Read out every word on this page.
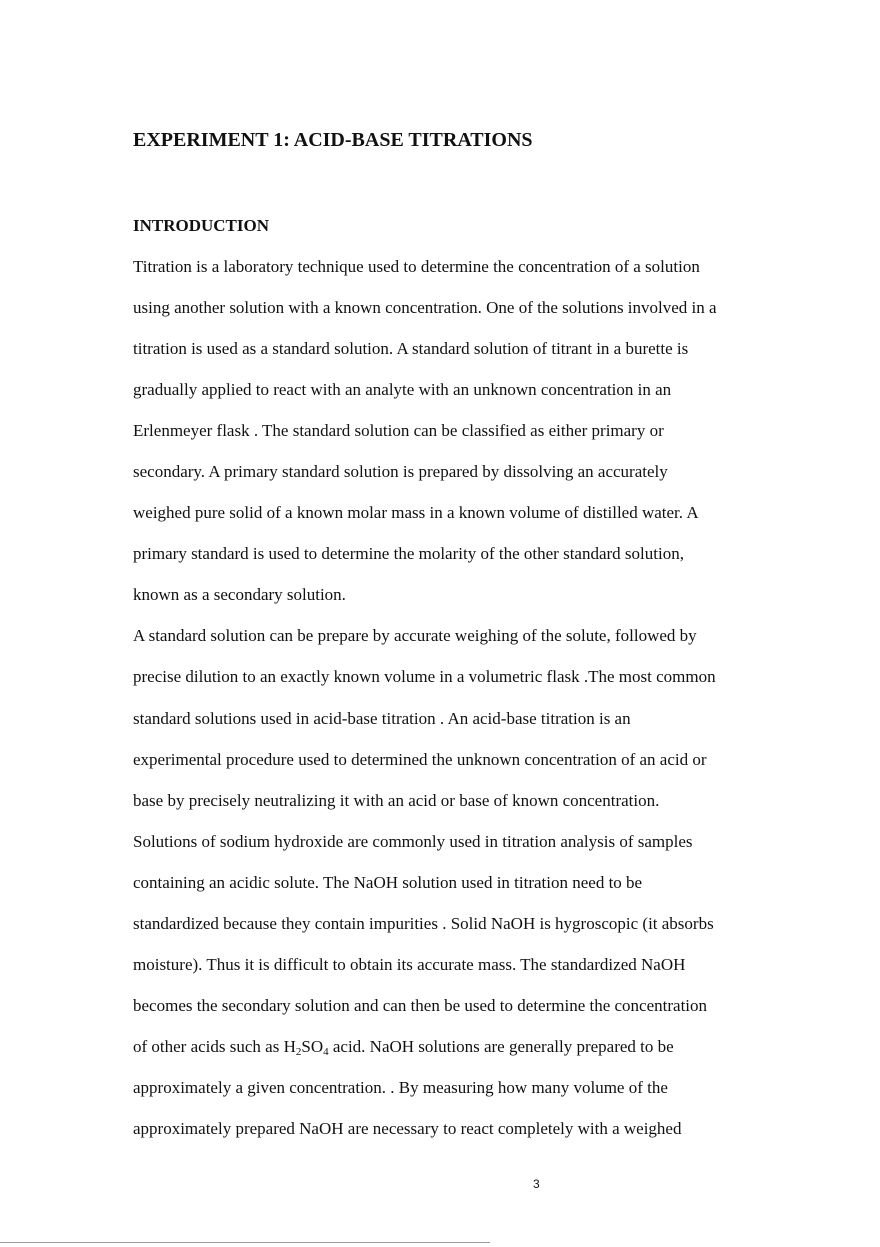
EXPERIMENT 1: ACID-BASE TITRATIONS
INTRODUCTION
Titration is a laboratory technique used to determine the concentration of a solution
using another solution with a known concentration. One of the solutions involved in a
titration is used as a standard solution. A standard solution of titrant in a burette is
gradually applied to react with an analyte with an unknown concentration in an
Erlenmeyer flask . The standard solution can be classified as either primary or
secondary. A primary standard solution is prepared by dissolving an accurately
weighed pure solid of a known molar mass in a known volume of distilled water. A
primary standard is used to determine the molarity of the other standard solution,
known as a secondary solution.
A standard solution can be prepare by accurate weighing of the solute, followed by
precise dilution to an exactly known volume in a volumetric flask .The most common
standard solutions used in acid-base titration . An acid-base titration is an
experimental procedure used to determined the unknown concentration of an acid or
base by precisely neutralizing it with an acid or base of known concentration.
Solutions of sodium hydroxide are commonly used in titration analysis of samples
containing an acidic solute. The NaOH solution used in titration need to be
standardized because they contain impurities . Solid NaOH is hygroscopic (it absorbs
moisture). Thus it is difficult to obtain its accurate mass. The standardized NaOH
becomes the secondary solution and can then be used to determine the concentration
of other acids such as $H_2SO_4$ acid. NaOH solutions are generally prepared to be
approximately a given concentration. . By measuring how many volume of the
approximately prepared NaOH are necessary to react completely with a weighed
3
